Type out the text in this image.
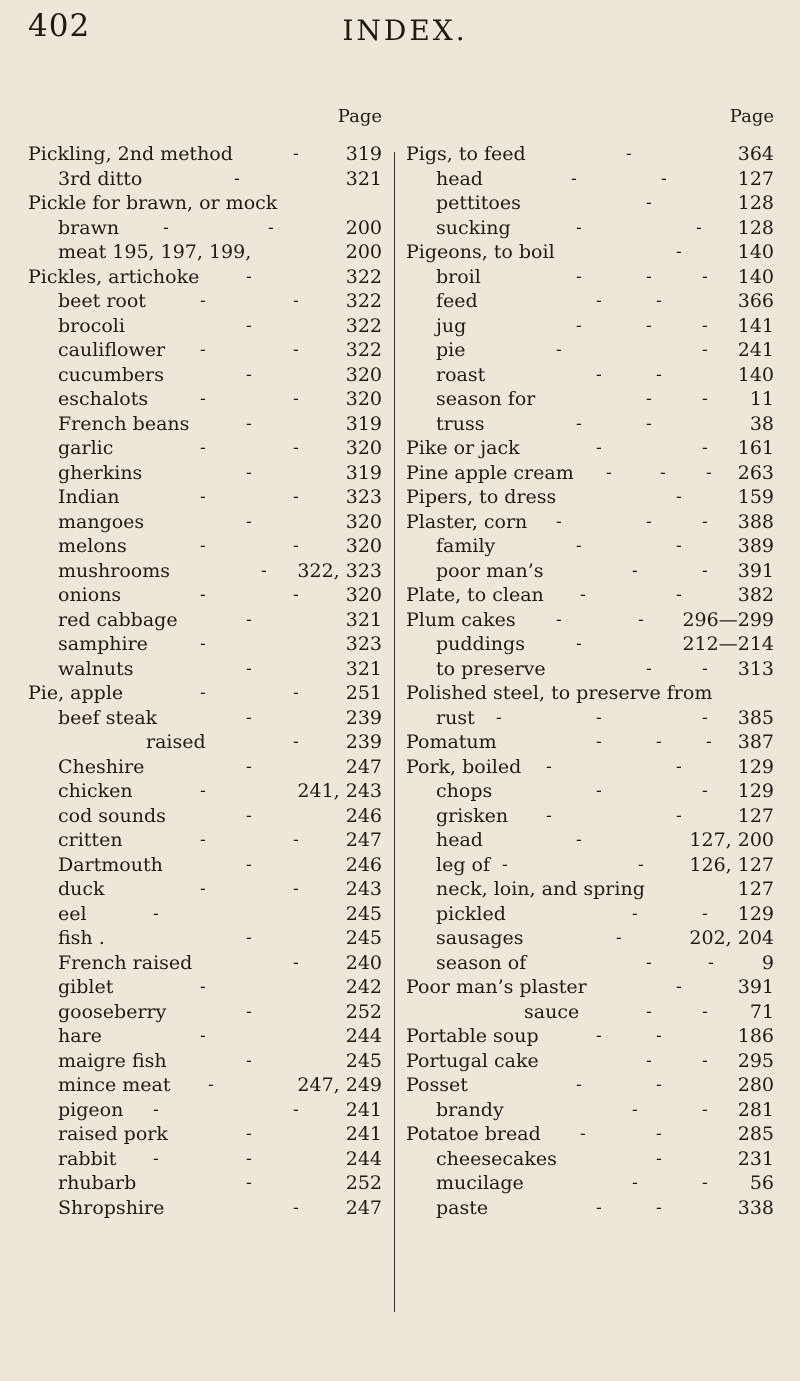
402	INDEX.
Page
Pickling, 2nd method	- 319
3rd ditto	-	321
Pickle for brawn, or mock
brawn	-	-	200
meat 195, 197, 199,	200
Pickles, artichoke	-	322
beet root	-	- 322
brocoli	-	322
cauliflower -	- 322
cucumbers	-	320
eschalots	-	- 320
French beans	-	319
garlic	-	- 320
gherkins	-	319
Indian	-	- 323
mangoes	-	320
melons	-	- 320
mushrooms	- 322, 323
onions	-	- 320
red cabbage	-	321
samphire	-	323
walnuts	-	321
Pie, apple	-	- 251
beef steak	-	239
raised	- 239
Cheshire	-	247
chicken	-	241, 243
cod sounds	-	246
critten	-	- 247
Dartmouth	-	246
duck	-	- 243
eel	-	245
fish .	-	245
French raised	- 240
giblet	-	242
gooseberry	-	252
hare	-	244
maigre fish	-	245
mince meat -	247, 249
pigeon -	- 241
raised pork	-	241
rabbit -	-	244
rhubarb	-	252
Shropshire	- 247
Page
Pigs, to feed	-	364
head	-	-	127
pettitoes	-	128
sucking	-	- 128
Pigeons, to boil	-	140
broil	-	-	- 140
feed	-	-	366
jug	-	-	- 141
pie	-	- 241
roast	-	-	140
season for	-	- 11
truss	-	-	38
Pike or jack	-	- 161
Pine apple cream -	- - 263
Pipers, to dress	-	159
Plaster, corn -	-	- 388
family	-	-	389
poor man’s	-	- 391
Plate, to clean -	-	382
Plum cakes -	- 296—299
puddings	-	212—214
to preserve	-	- 313
Polished steel, to preserve from
rust -	-	- 385
Pomatum	-	-	- 387
Pork, boiled -	-	129
chops	-	- 129
grisken -	-	127
head	-	127, 200
leg of -	- 126, 127
neck, loin, and spring	127
pickled	-	- 129
sausages	-	202, 204
season of	-	-	9
Poor man’s plaster	-	391
sauce	-	- 71
Portable soup	-	-	186
Portugal cake	-	- 295
Posset	-	-	280
brandy	-	- 281
Potatoe bread -	-	285
cheesecakes	-	231
mucilage	-	- 56
paste	-	-	338
